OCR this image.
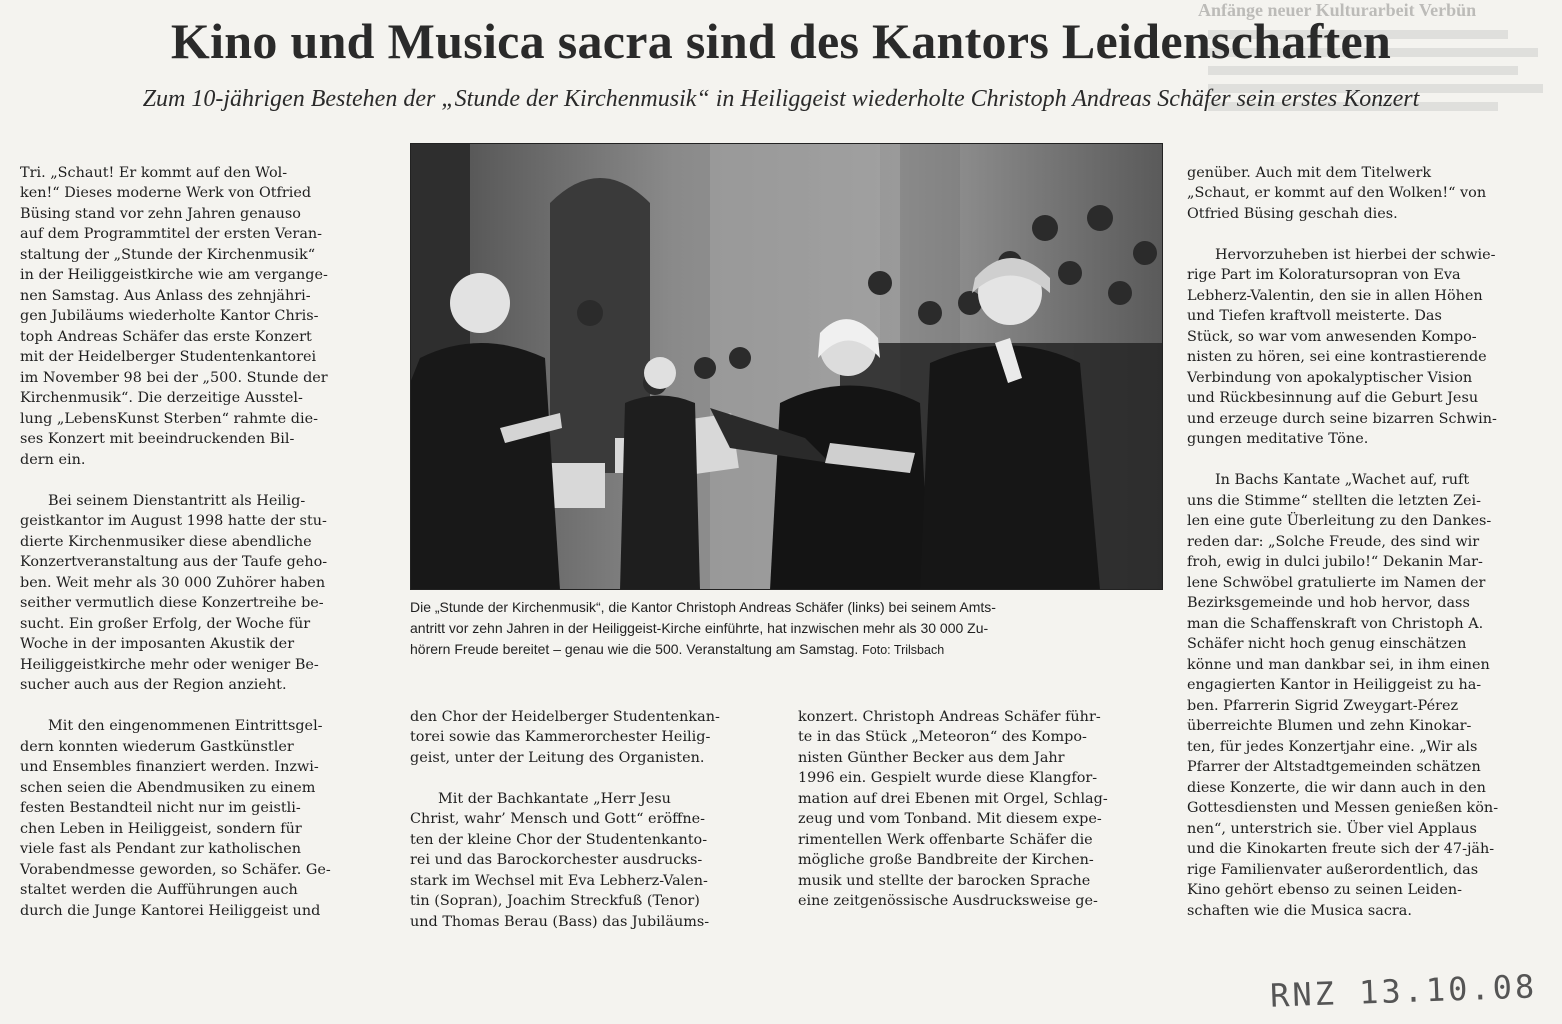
Anfänge neuer Kulturarbeit Verbün
Kino und Musica sacra sind des Kantors Leidenschaften
Zum 10-jährigen Bestehen der „Stunde der Kirchenmusik“ in Heiliggeist wiederholte Christoph Andreas Schäfer sein erstes Konzert

Tri. „Schaut! Er kommt auf den Wol-
ken!“ Dieses moderne Werk von Otfried
Büsing stand vor zehn Jahren genauso
auf dem Programmtitel der ersten Veran-
staltung der „Stunde der Kirchenmusik“
in der Heiliggeistkirche wie am vergange-
nen Samstag. Aus Anlass des zehnjähri-
gen Jubiläums wiederholte Kantor Chris-
toph Andreas Schäfer das erste Konzert
mit der Heidelberger Studentenkantorei
im November 98 bei der „500. Stunde der
Kirchenmusik“. Die derzeitige Ausstel-
lung „LebensKunst Sterben“ rahmte die-
ses Konzert mit beeindruckenden Bil-
dern ein.

Bei seinem Dienstantritt als Heilig-
geistkantor im August 1998 hatte der stu-
dierte Kirchenmusiker diese abendliche
Konzertveranstaltung aus der Taufe geho-
ben. Weit mehr als 30 000 Zuhörer haben
seither vermutlich diese Konzertreihe be-
sucht. Ein großer Erfolg, der Woche für
Woche in der imposanten Akustik der
Heiliggeistkirche mehr oder weniger Be-
sucher auch aus der Region anzieht.

Mit den eingenommenen Eintrittsgel-
dern konnten wiederum Gastkünstler
und Ensembles finanziert werden. Inzwi-
schen seien die Abendmusiken zu einem
festen Bestandteil nicht nur im geistli-
chen Leben in Heiliggeist, sondern für
viele fast als Pendant zur katholischen
Vorabendmesse geworden, so Schäfer. Ge-
staltet werden die Aufführungen auch
durch die Junge Kantorei Heiliggeist und

Die „Stunde der Kirchenmusik“, die Kantor Christoph Andreas Schäfer (links) bei seinem Amts-
antritt vor zehn Jahren in der Heiliggeist-Kirche einführte, hat inzwischen mehr als 30 000 Zu-
hörern Freude bereitet – genau wie die 500. Veranstaltung am Samstag. Foto: Trilsbach

den Chor der Heidelberger Studentenkan-
torei sowie das Kammerorchester Heilig-
geist, unter der Leitung des Organisten.

Mit der Bachkantate „Herr Jesu
Christ, wahr’ Mensch und Gott“ eröffne-
ten der kleine Chor der Studentenkanto-
rei und das Barockorchester ausdrucks-
stark im Wechsel mit Eva Lebherz-Valen-
tin (Sopran), Joachim Streckfuß (Tenor)
und Thomas Berau (Bass) das Jubiläums-

konzert. Christoph Andreas Schäfer führ-
te in das Stück „Meteoron“ des Kompo-
nisten Günther Becker aus dem Jahr
1996 ein. Gespielt wurde diese Klangfor-
mation auf drei Ebenen mit Orgel, Schlag-
zeug und vom Tonband. Mit diesem expe-
rimentellen Werk offenbarte Schäfer die
mögliche große Bandbreite der Kirchen-
musik und stellte der barocken Sprache
eine zeitgenössische Ausdrucksweise ge-

genüber. Auch mit dem Titelwerk
„Schaut, er kommt auf den Wolken!“ von
Otfried Büsing geschah dies.

Hervorzuheben ist hierbei der schwie-
rige Part im Koloratursopran von Eva
Lebherz-Valentin, den sie in allen Höhen
und Tiefen kraftvoll meisterte. Das
Stück, so war vom anwesenden Kompo-
nisten zu hören, sei eine kontrastierende
Verbindung von apokalyptischer Vision
und Rückbesinnung auf die Geburt Jesu
und erzeuge durch seine bizarren Schwin-
gungen meditative Töne.

In Bachs Kantate „Wachet auf, ruft
uns die Stimme“ stellten die letzten Zei-
len eine gute Überleitung zu den Dankes-
reden dar: „Solche Freude, des sind wir
froh, ewig in dulci jubilo!“ Dekanin Mar-
lene Schwöbel gratulierte im Namen der
Bezirksgemeinde und hob hervor, dass
man die Schaffenskraft von Christoph A.
Schäfer nicht hoch genug einschätzen
könne und man dankbar sei, in ihm einen
engagierten Kantor in Heiliggeist zu ha-
ben. Pfarrerin Sigrid Zweygart-Pérez
überreichte Blumen und zehn Kinokar-
ten, für jedes Konzertjahr eine. „Wir als
Pfarrer der Altstadtgemeinden schätzen
diese Konzerte, die wir dann auch in den
Gottesdiensten und Messen genießen kön-
nen“, unterstrich sie. Über viel Applaus
und die Kinokarten freute sich der 47-jäh-
rige Familienvater außerordentlich, das
Kino gehört ebenso zu seinen Leiden-
schaften wie die Musica sacra.

RNZ 13.10.08
